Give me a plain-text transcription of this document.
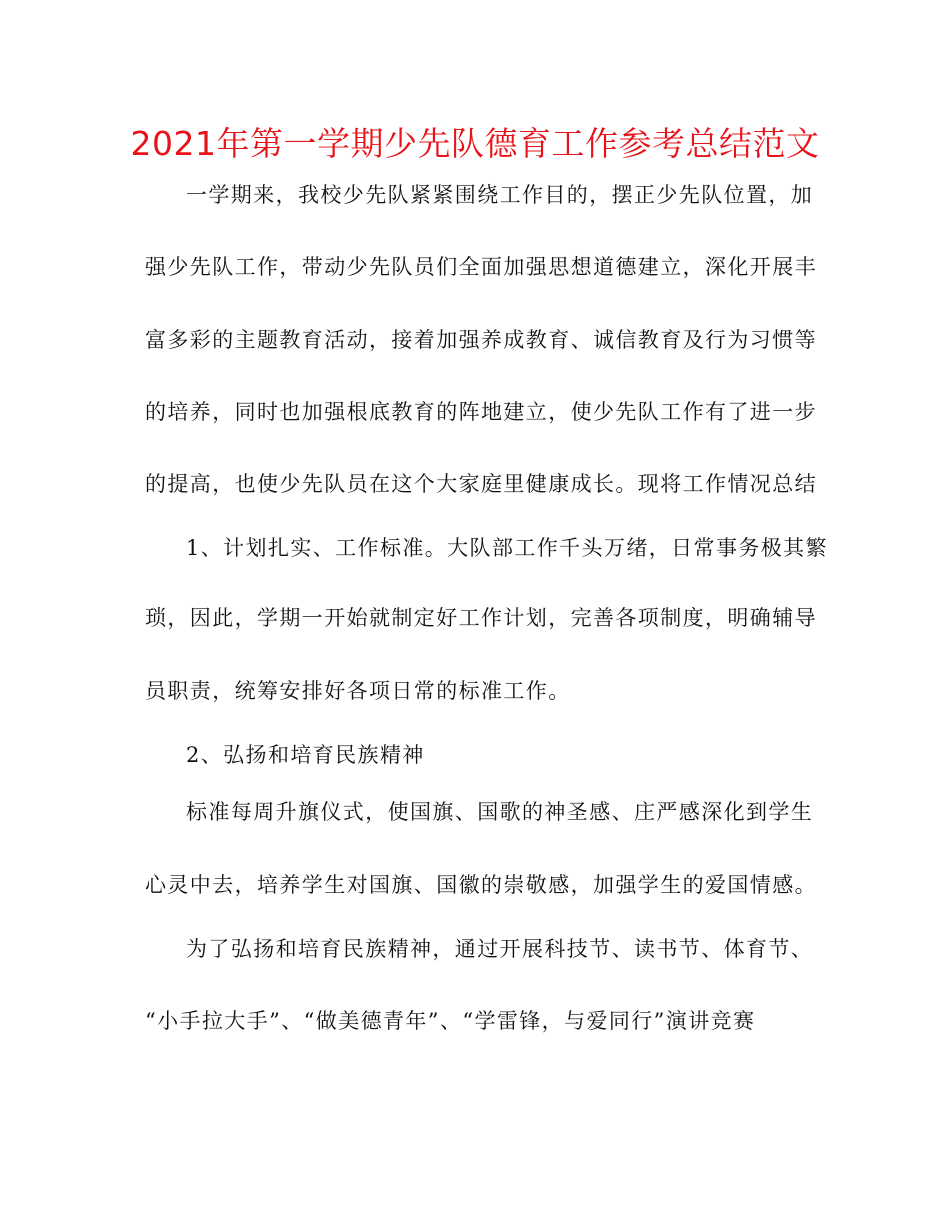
2021年第一学期少先队德育工作参考总结范文

一学期来，我校少先队紧紧围绕工作目的，摆正少先队位置，加

强少先队工作，带动少先队员们全面加强思想道德建立，深化开展丰

富多彩的主题教育活动，接着加强养成教育、诚信教育及行为习惯等

的培养，同时也加强根底教育的阵地建立，使少先队工作有了进一步

的提高，也使少先队员在这个大家庭里健康成长。现将工作情况总结

1、计划扎实、工作标准。大队部工作千头万绪，日常事务极其繁

琐，因此，学期一开始就制定好工作计划，完善各项制度，明确辅导

员职责，统筹安排好各项日常的标准工作。

2、弘扬和培育民族精神

标准每周升旗仪式，使国旗、国歌的神圣感、庄严感深化到学生

心灵中去，培养学生对国旗、国徽的崇敬感，加强学生的爱国情感。

为了弘扬和培育民族精神，通过开展科技节、读书节、体育节、

“小手拉大手”、“做美德青年”、“学雷锋，与爱同行”演讲竞赛
